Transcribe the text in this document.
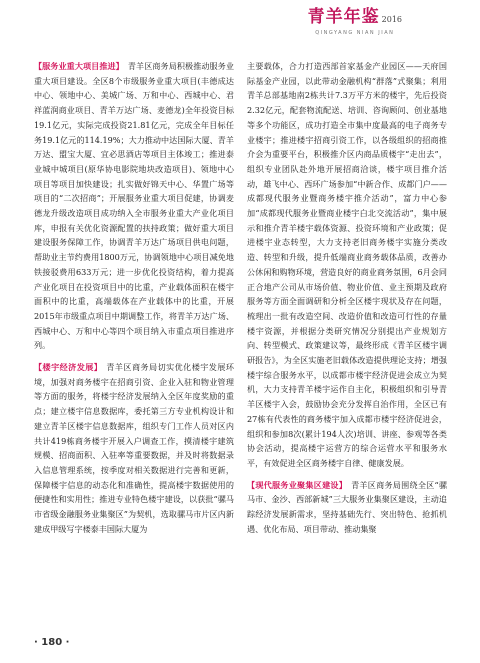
青羊年鉴 2016
QINGYANG NIAN JIAN

【服务业重大项目推进】 青羊区商务局积极推动服务业重大项目建设。全区8个市级服务业重大项目(丰德成达中心、领地中心、美城广场、万和中心、西城中心、君祥蓝润商业项目、青羊万达广场、麦德龙)全年投资目标19.1亿元，实际完成投资21.81亿元，完成全年目标任务19.1亿元的114.19%；大力推动中达国际大厦、青羊万达、盟宝大厦、宜必思酒店等项目主体竣工；推进泰业城中城项目(原华协电影院地块改造项目)、领地中心项目等项目加快建设；扎实做好锦天中心、华置广场等项目的“二次招商”；开展服务业重大项目促建，协调麦德龙升级改造项目成功纳入全市服务业重大产业化项目库，申报有关优化资源配置的扶持政策；做好重大项目建设服务保障工作，协调青羊万达广场项目供电问题，帮助业主节约费用1800万元，协调领地中心项目减免地铁接驳费用633万元；进一步优化投资结构，着力提高产业化项目在投资项目中的比重，产业载体面积在楼宇面积中的比重，高端载体在产业载体中的比重，开展2015年市级重点项目中期调整工作，将青羊万达广场、西城中心、万和中心等四个项目纳入市重点项目推进序列。

【楼宇经济发展】 青羊区商务局切实优化楼宇发展环境，加强对商务楼宇在招商引资、企业入驻和物业管理等方面的服务，将楼宇经济发展纳入全区年度奖励的重点；建立楼宇信息数据库，委托第三方专业机构设计和建立青羊区楼宇信息数据库，组织专门工作人员对区内共计419栋商务楼宇开展入户调查工作，摸清楼宇建筑规模、招商面积、入驻率等重要数据，并及时将数据录入信息管理系统，按季度对相关数据进行完善和更新，保障楼宇信息的动态化和准确性，提高楼宇数据使用的便捷性和实用性；推进专业特色楼宇建设，以获批“骡马市省级金融服务业集聚区”为契机，选取骡马市片区内新建成甲级写字楼泰丰国际大厦为

主要载体，合力打造西部首家基金产业园区——天府国际基金产业园，以此带动金融机构“群落”式聚集；利用青羊总部基地南2栋共计7.3万平方米的楼宇，先后投资2.32亿元，配套物流配送、培训、咨询顾问、创业基地等多个功能区，成功打造全市集中度最高的电子商务专业楼宇；推进楼宇招商引资工作，以各级组织的招商推介会为重要平台，积极推介区内商品质楼宇“走出去”，组织专业团队赴外地开展招商洽谈，楼宇项目推介活动，雄飞中心、西环广场参加“中新合作、成都门户——成都现代服务业暨商务楼宇推介活动”，富力中心参加“成都现代服务业暨商业楼宇白北交流活动”，集中展示和推介青羊楼宇载体资源、投资环境和产业政策；促进楼宇业态转型，大力支持老旧商务楼宇实施分类改造、转型和升级，提升低端商业商务载体品质，改善办公休闲和购物环境，营造良好的商业商务氛围，6月会同正合地产公司从市场价值、物业价值、业主预期及政府服务等方面全面调研和分析全区楼宇现状及存在问题，梳理出一批有改造空间、改造价值和改造可行性的存量楼宇资源，并根据分类研究情况分别提出产业规划方向、转型模式、政策建议等，最终形成《青羊区楼宇调研报告》，为全区实施老旧载体改造提供理论支持；增强楼宇综合服务水平，以成都市楼宇经济促进会成立为契机，大力支持青羊楼宇运作自主化，积极组织和引导青羊区楼宇入会，鼓励协会充分发挥自治作用，全区已有27栋有代表性的商务楼宇加入成都市楼宇经济促进会，组织和参加8次(累计194人次)培训、讲座、参观等各类协会活动，提高楼宇运营方的综合运营水平和服务水平，有效促进全区商务楼宇自律、健康发展。

【现代服务业聚集区建设】 青羊区商务局围绕全区“骡马市、金沙、西部新城”三大服务业集聚区建设，主动追踪经济发展新需求，坚持基础先行、突出特色、抢抓机遇、优化布局、项目带动、推动集聚

· 180 ·
